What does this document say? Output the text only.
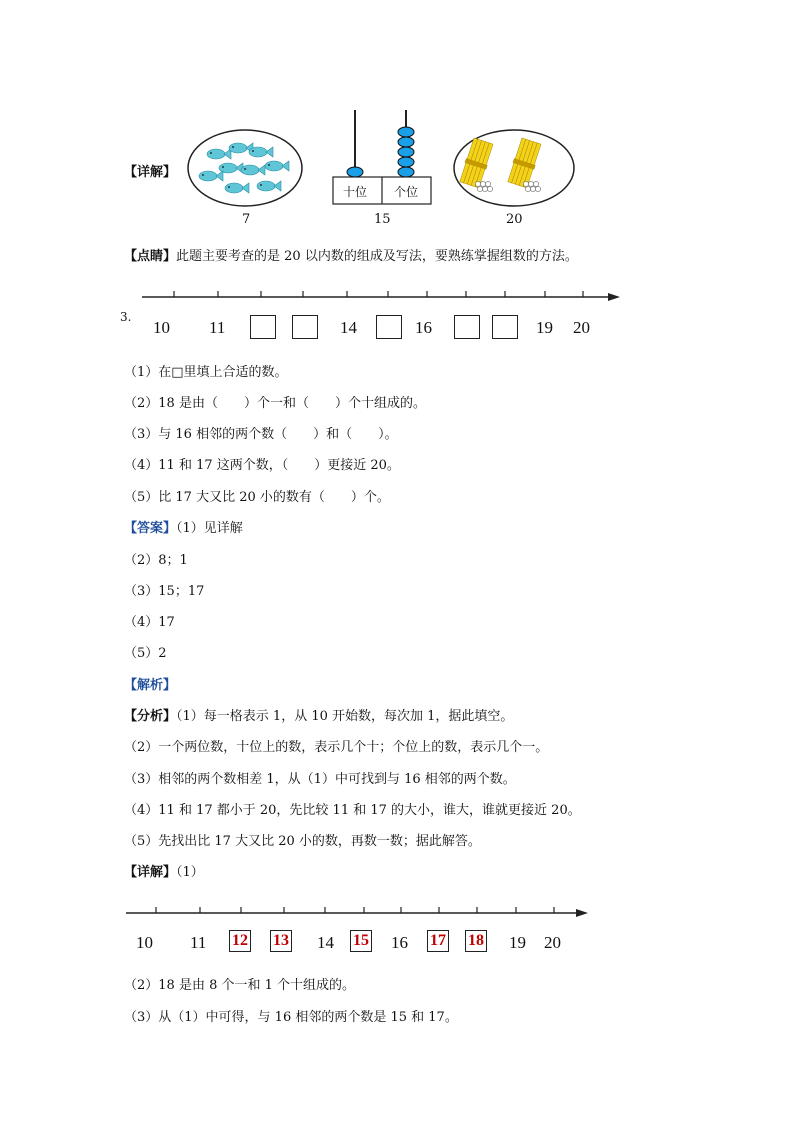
【详解】
7
十位 个位
15	20
【点睛】此题主要考查的是 20 以内数的组成及写法，要熟练掌握组数的方法。
3.
10 11	14	16	19 20
（1）在□里填上合适的数。
（2）18 是由（　　）个一和（　　）个十组成的。
（3）与 16 相邻的两个数（　　）和（　　）。
（4）11 和 17 这两个数，（　　）更接近 20。
（5）比 17 大又比 20 小的数有（　　）个。
【答案】（1）见详解
（2）8；1
（3）15；17
（4）17
（5）2
【解析】
【分析】（1）每一格表示 1，从 10 开始数，每次加 1，据此填空。
（2）一个两位数，十位上的数，表示几个十；个位上的数，表示几个一。
（3）相邻的两个数相差 1，从（1）中可找到与 16 相邻的两个数。
（4）11 和 17 都小于 20，先比较 11 和 17 的大小，谁大，谁就更接近 20。
（5）先找出比 17 大又比 20 小的数，再数一数；据此解答。
【详解】（1）
10 11 12 13 14 15 16 17 18 19 20
（2）18 是由 8 个一和 1 个十组成的。
（3）从（1）中可得，与 16 相邻的两个数是 15 和 17。
